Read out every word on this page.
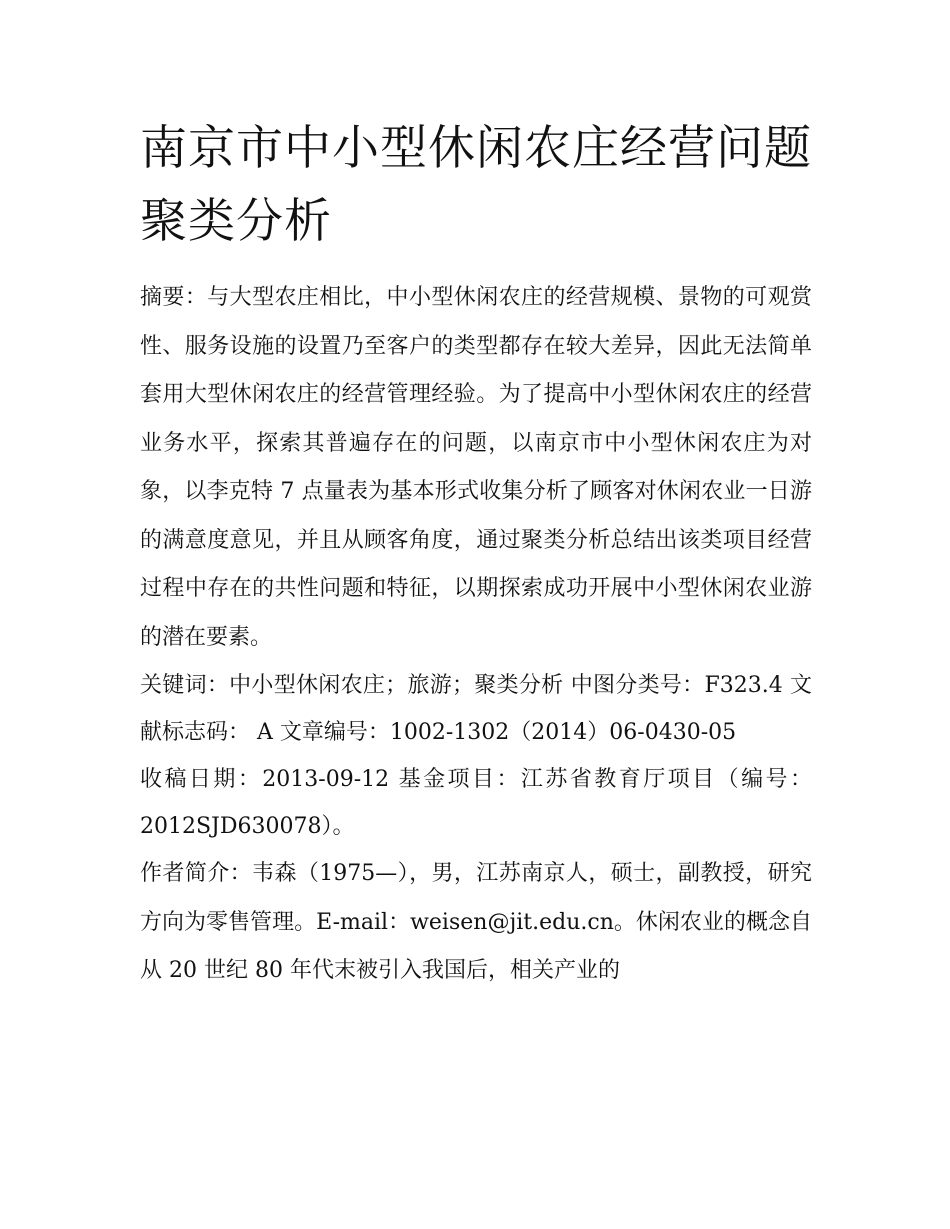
南京市中小型休闲农庄经营问题聚类分析

摘要：与大型农庄相比，中小型休闲农庄的经营规模、景物的可观赏性、服务设施的设置乃至客户的类型都存在较大差异，因此无法简单套用大型休闲农庄的经营管理经验。为了提高中小型休闲农庄的经营业务水平，探索其普遍存在的问题，以南京市中小型休闲农庄为对象，以李克特 7 点量表为基本形式收集分析了顾客对休闲农业一日游的满意度意见，并且从顾客角度，通过聚类分析总结出该类项目经营过程中存在的共性问题和特征，以期探索成功开展中小型休闲农业游的潜在要素。

关键词：中小型休闲农庄；旅游；聚类分析 中图分类号：F323.4 文献标志码： A 文章编号：1002-1302（2014）06-0430-05

收稿日期：2013-09-12 基金项目：江苏省教育厅项目（编号：2012SJD630078）。

作者简介：韦森（1975—），男，江苏南京人，硕士，副教授，研究方向为零售管理。E-mail：weisen@jit.edu.cn。休闲农业的概念自从 20 世纪 80 年代末被引入我国后，相关产业的
